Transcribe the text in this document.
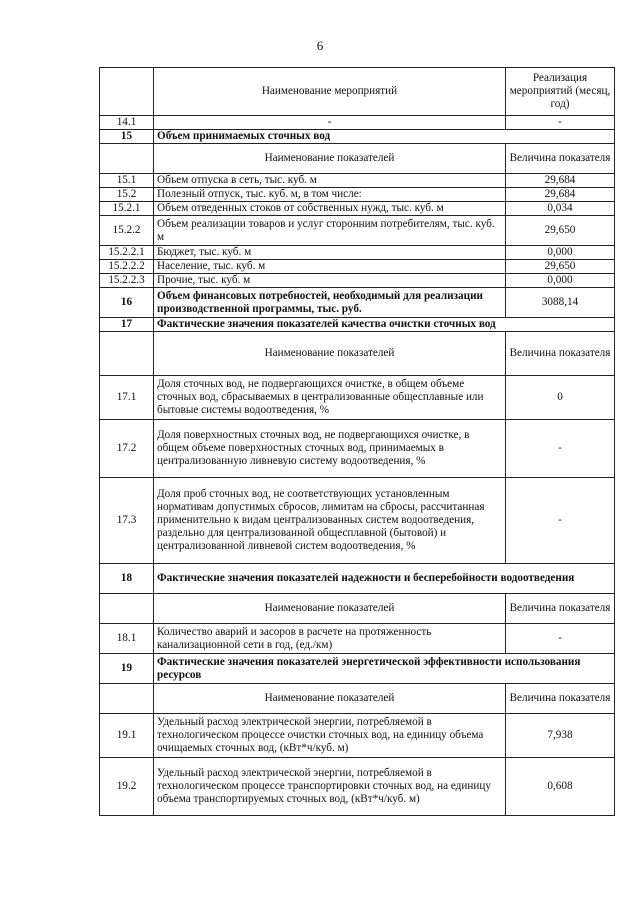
6
	Наименование мероприятий	Реализация мероприятий (месяц, год)
14.1	-	-
15	Объем принимаемых сточных вод	
	Наименование показателей	Величина показателя
15.1	Объем отпуска в сеть, тыс. куб. м	29,684
15.2	Полезный отпуск, тыс. куб. м, в том числе:	29,684
15.2.1	Объем отведенных стоков от собственных нужд, тыс. куб. м	0,034
15.2.2	Объем реализации товаров и услуг сторонним потребителям, тыс. куб. м	29,650
15.2.2.1	Бюджет, тыс. куб. м	0,000
15.2.2.2	Население, тыс. куб. м	29,650
15.2.2.3	Прочие, тыс. куб. м	0,000
16	Объем финансовых потребностей, необходимый для реализации производственной программы, тыс. руб.	3088,14
17	Фактические значения показателей качества очистки сточных вод	
	Наименование показателей	Величина показателя
17.1	Доля сточных вод, не подвергающихся очистке, в общем объеме сточных вод, сбрасываемых в централизованные общесплавные или бытовые системы водоотведения, %	0
17.2	Доля поверхностных сточных вод, не подвергающихся очистке, в общем объеме поверхностных сточных вод, принимаемых в централизованную ливневую систему водоотведения, %	-
17.3	Доля проб сточных вод, не соответствующих установленным нормативам допустимых сбросов, лимитам на сбросы, рассчитанная применительно к видам централизованных систем водоотведения, раздельно для централизованной общесплавной (бытовой) и централизованной ливневой систем водоотведения, %	-
18	Фактические значения показателей надежности и бесперебойности водоотведения	
	Наименование показателей	Величина показателя
18.1	Количество аварий и засоров в расчете на протяженность канализационной сети в год, (ед./км)	-
19	Фактические значения показателей энергетической эффективности использования ресурсов	
	Наименование показателей	Величина показателя
19.1	Удельный расход электрической энергии, потребляемой в технологическом процессе очистки сточных вод, на единицу объема очищаемых сточных вод, (кВт*ч/куб. м)	7,938
19.2	Удельный расход электрической энергии, потребляемой в технологическом процессе транспортировки сточных вод, на единицу объема транспортируемых сточных вод, (кВт*ч/куб. м)	0,608
